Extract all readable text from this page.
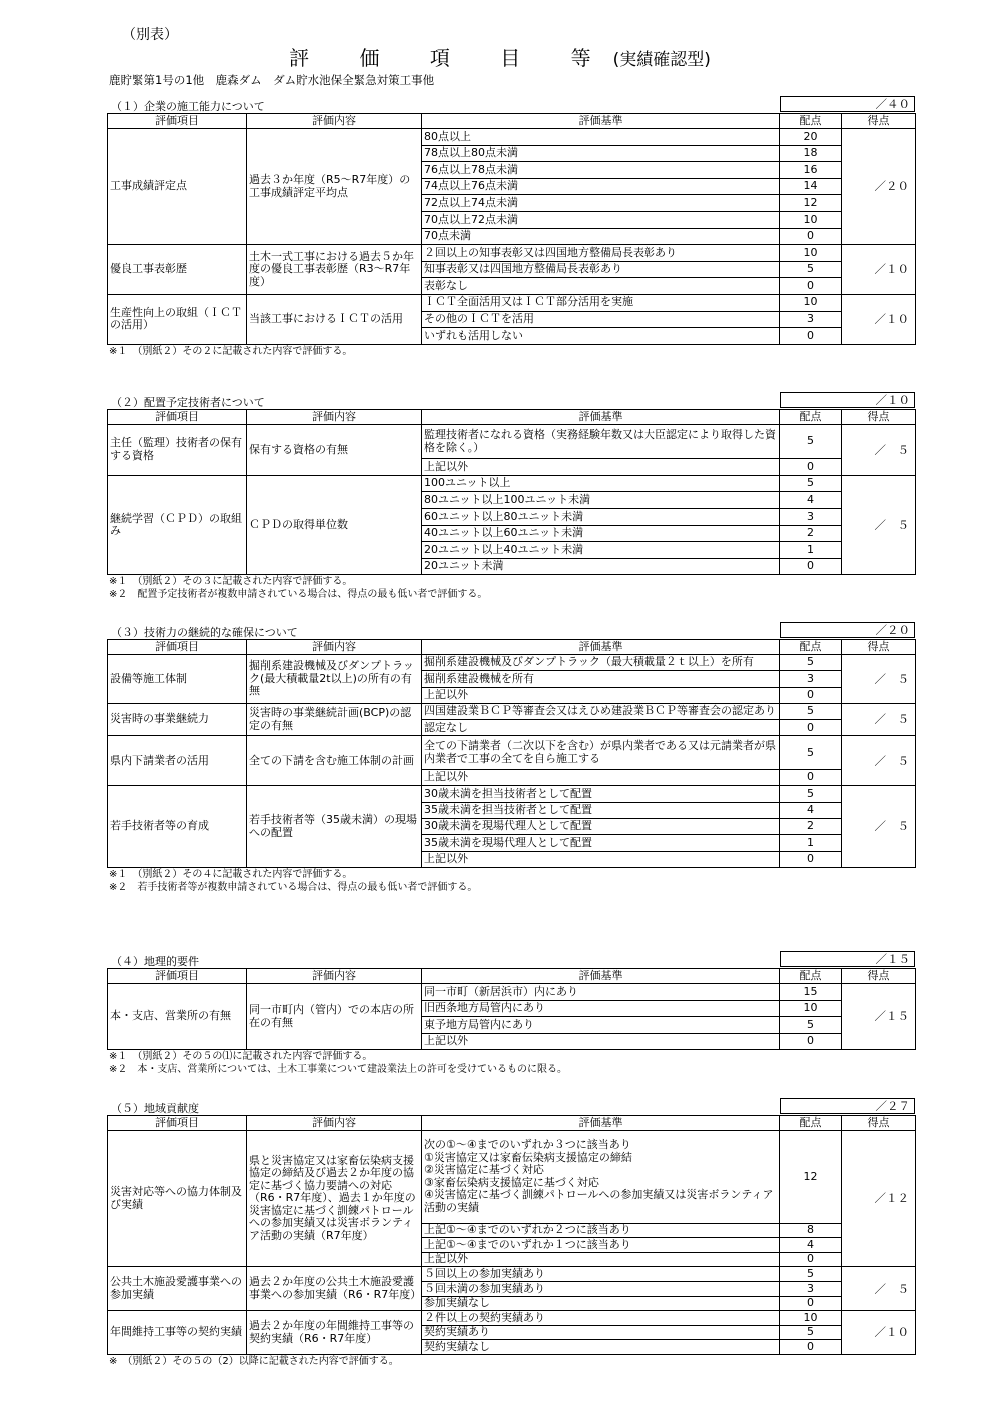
（別表）
評 価 項 目 等(実績確認型)
鹿貯緊第1号の1他　鹿森ダム　ダム貯水池保全緊急対策工事他
（１）企業の施工能力について	／４０
評価項目	評価内容	評価基準	配点	得点
工事成績評定点	過去３か年度（R5～R7年度）の工事成績評定平均点	80点以上	20	／２０
		78点以上80点未満	18	
		76点以上78点未満	16	
		74点以上76点未満	14	
		72点以上74点未満	12	
		70点以上72点未満	10	
		70点未満	0	
優良工事表彰歴	土木一式工事における過去５か年度の優良工事表彰歴（R3～R7年度）	２回以上の知事表彰又は四国地方整備局長表彰あり	10	／１０
		知事表彰又は四国地方整備局長表彰あり	5	
		表彰なし	0	
生産性向上の取組（ＩＣＴの活用）	当該工事におけるＩＣＴの活用	ＩＣＴ全面活用又はＩＣＴ部分活用を実施	10	／１０
		その他のＩＣＴを活用	3	
		いずれも活用しない	0	
※１　（別紙２）その２に記載された内容で評価する。
（２）配置予定技術者について	／１０
評価項目	評価内容	評価基準	配点	得点
主任（監理）技術者の保有する資格	保有する資格の有無	監理技術者になれる資格（実務経験年数又は大臣認定により取得した資格を除く。）	5	／　５
		上記以外	0	
継続学習（ＣＰＤ）の取組み	ＣＰＤの取得単位数	100ユニット以上	5	／　５
		80ユニット以上100ユニット未満	4	
		60ユニット以上80ユニット未満	3	
		40ユニット以上60ユニット未満	2	
		20ユニット以上40ユニット未満	1	
		20ユニット未満	0	
※１　（別紙２）その３に記載された内容で評価する。
※２　配置予定技術者が複数申請されている場合は、得点の最も低い者で評価する。
（３）技術力の継続的な確保について	／２０
評価項目	評価内容	評価基準	配点	得点
設備等施工体制	掘削系建設機械及びダンプトラック(最大積載量2t以上)の所有の有無	掘削系建設機械及びダンプトラック（最大積載量２ｔ以上）を所有	5	／　５
		掘削系建設機械を所有	3	
		上記以外	0	
災害時の事業継続力	災害時の事業継続計画(BCP)の認定の有無	四国建設業ＢＣＰ等審査会又はえひめ建設業ＢＣＰ等審査会の認定あり	5	／　５
		認定なし	0	
県内下請業者の活用	全ての下請を含む施工体制の計画	全ての下請業者（二次以下を含む）が県内業者である又は元請業者が県内業者で工事の全てを自ら施工する	5	／　５
		上記以外	0	
若手技術者等の育成	若手技術者等（35歳未満）の現場への配置	30歳未満を担当技術者として配置	5	／　５
		35歳未満を担当技術者として配置	4	
		30歳未満を現場代理人として配置	2	
		35歳未満を現場代理人として配置	1	
		上記以外	0	
※１　（別紙２）その４に記載された内容で評価する。
※２　若手技術者等が複数申請されている場合は、得点の最も低い者で評価する。
（４）地理的要件	／１５
評価項目	評価内容	評価基準	配点	得点
本・支店、営業所の有無	同一市町内（管内）での本店の所在の有無	同一市町（新居浜市）内にあり	15	／１５
		旧西条地方局管内にあり	10	
		東予地方局管内にあり	5	
		上記以外	0	
※１　（別紙２）その５の⑴に記載された内容で評価する。
※２　本・支店、営業所については、土木工事業について建設業法上の許可を受けているものに限る。
（５）地域貢献度	／２７
評価項目	評価内容	評価基準	配点	得点
災害対応等への協力体制及び実績	県と災害協定又は家畜伝染病支援協定の締結及び過去２か年度の協定に基づく協力要請への対応（R6・R7年度）、過去１か年度の災害協定に基づく訓練パトロールへの参加実績又は災害ボランティア活動の実績（R7年度）	次の①～④までのいずれか３つに該当あり
①災害協定又は家畜伝染病支援協定の締結
②災害協定に基づく対応
③家畜伝染病支援協定に基づく対応
④災害協定に基づく訓練パトロールへの参加実績又は災害ボランティア活動の実績	12	／１２
		上記①～④までのいずれか２つに該当あり	8	
		上記①～④までのいずれか１つに該当あり	4	
		上記以外	0	
公共土木施設愛護事業への参加実績	過去２か年度の公共土木施設愛護事業への参加実績（R6・R7年度）	５回以上の参加実績あり	5	／　５
		５回未満の参加実績あり	3	
		参加実績なし	0	
年間維持工事等の契約実績	過去２か年度の年間維持工事等の契約実績（R6・R7年度）	２件以上の契約実績あり	10	／１０
		契約実績あり	5	
		契約実績なし	0	
※　（別紙２）その５の（2）以降に記載された内容で評価する。
